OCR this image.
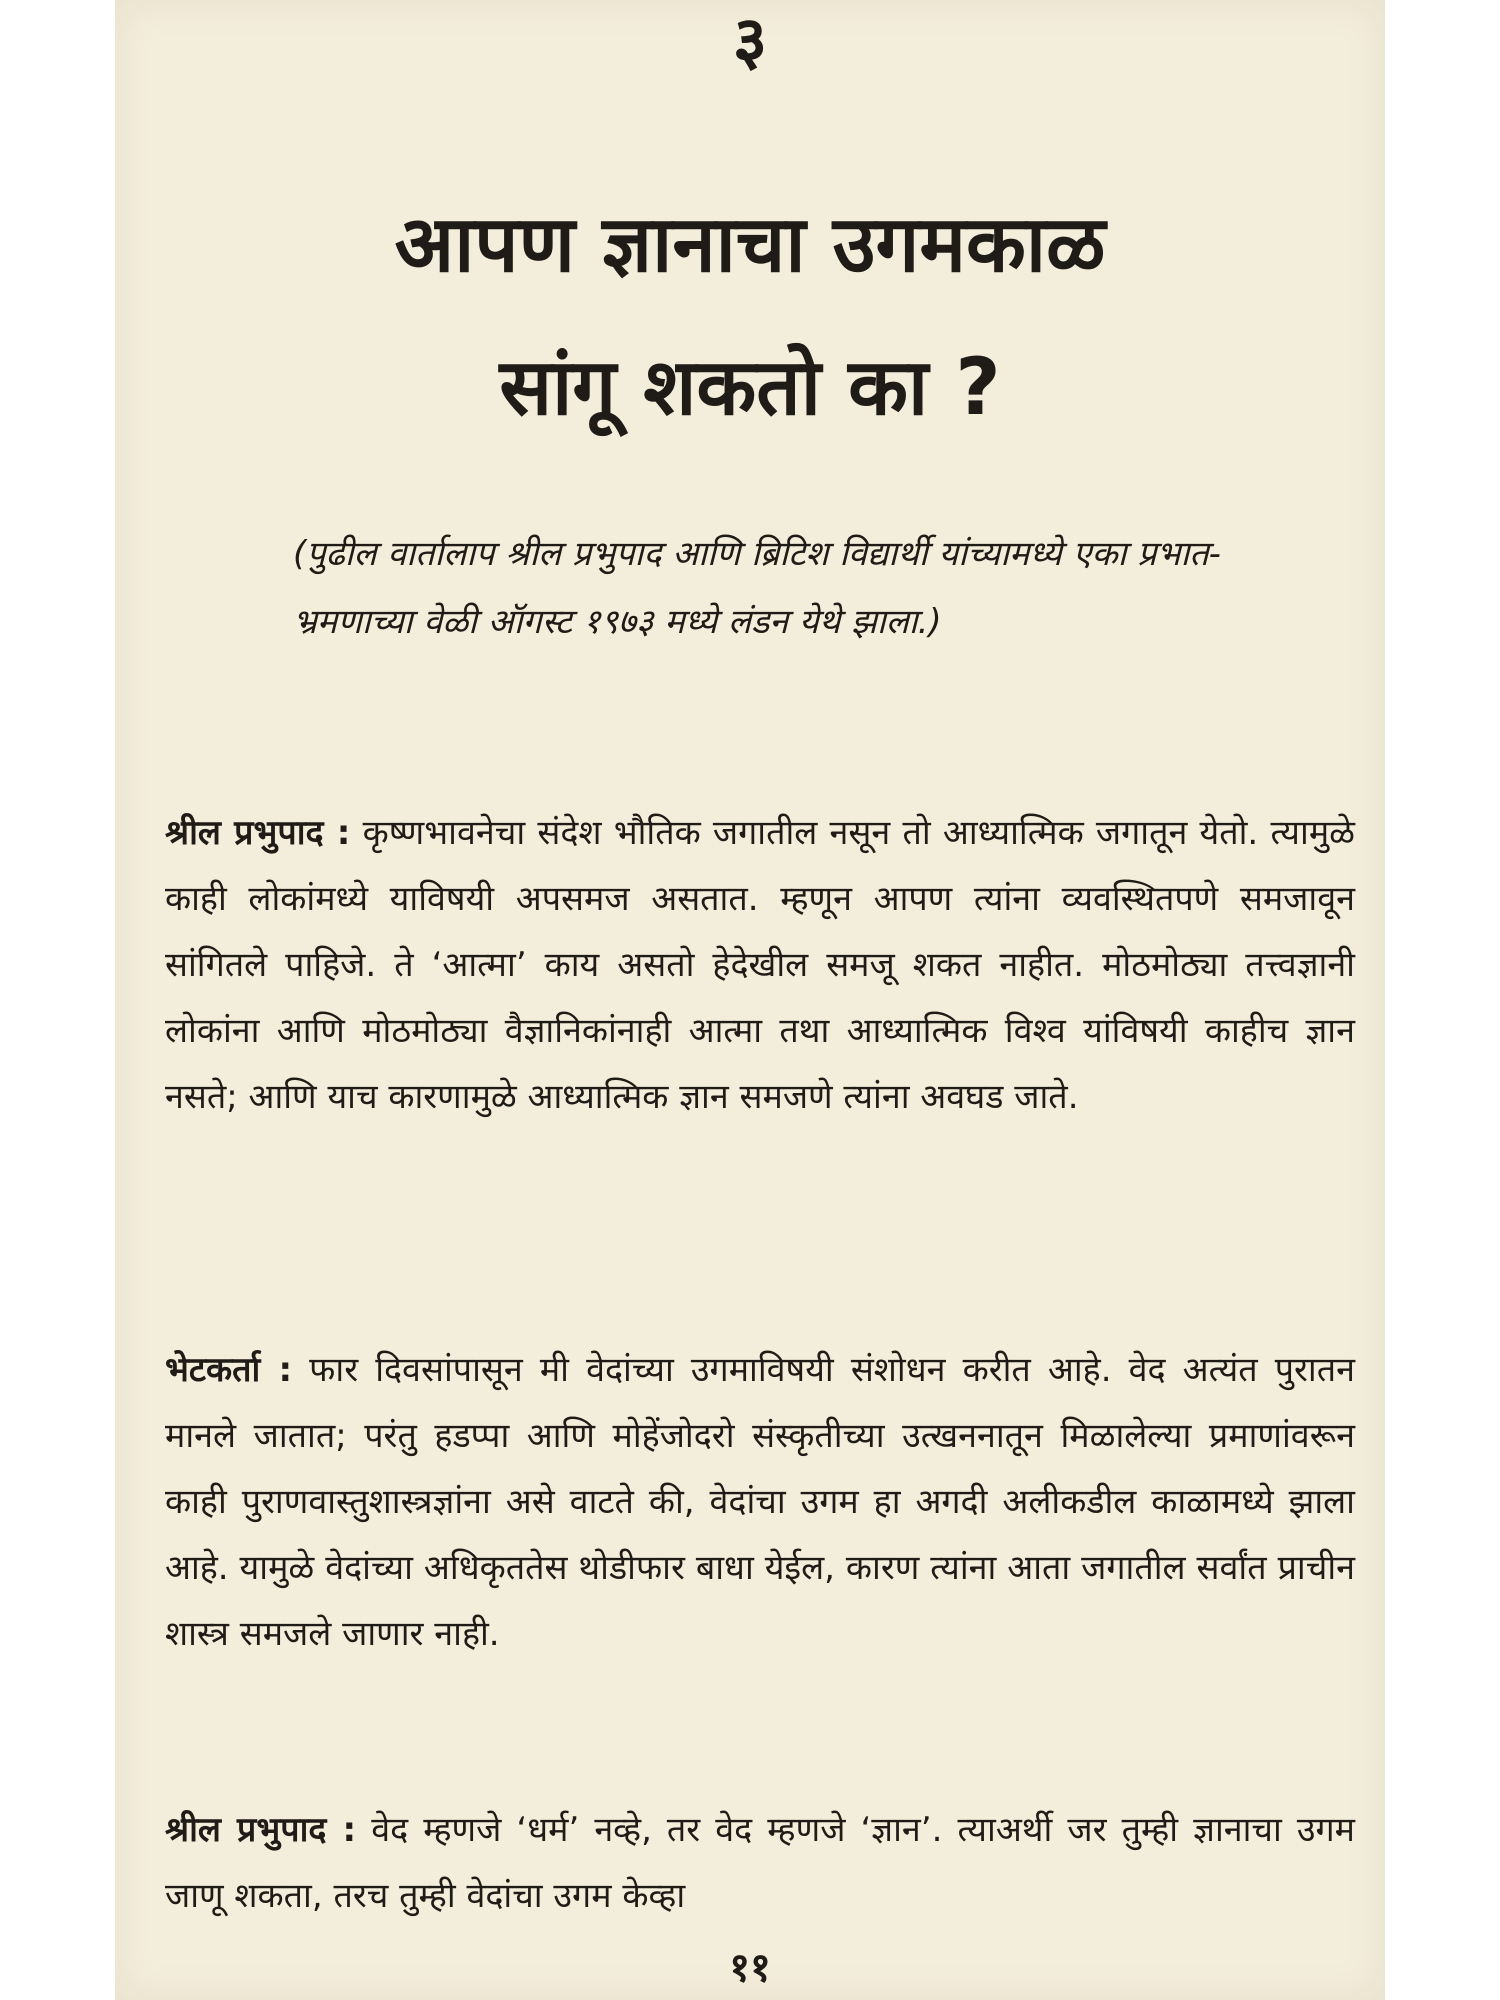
३
आपण ज्ञानाचा उगमकाळ
सांगू शकतो का ?

(पुढील वार्तालाप श्रील प्रभुपाद आणि ब्रिटिश विद्यार्थी यांच्यामध्ये एका प्रभात-भ्रमणाच्या वेळी ऑगस्ट १९७३ मध्ये लंडन येथे झाला.)

श्रील प्रभुपाद : कृष्णभावनेचा संदेश भौतिक जगातील नसून तो आध्यात्मिक जगातून येतो. त्यामुळे काही लोकांमध्ये याविषयी अपसमज असतात. म्हणून आपण त्यांना व्यवस्थितपणे समजावून सांगितले पाहिजे. ते ‘आत्मा’ काय असतो हेदेखील समजू शकत नाहीत. मोठमोठ्या तत्त्वज्ञानी लोकांना आणि मोठमोठ्या वैज्ञानिकांनाही आत्मा तथा आध्यात्मिक विश्व यांविषयी काहीच ज्ञान नसते; आणि याच कारणामुळे आध्यात्मिक ज्ञान समजणे त्यांना अवघड जाते.

भेटकर्ता : फार दिवसांपासून मी वेदांच्या उगमाविषयी संशोधन करीत आहे. वेद अत्यंत पुरातन मानले जातात; परंतु हडप्पा आणि मोहेंजोदरो संस्कृतीच्या उत्खननातून मिळालेल्या प्रमाणांवरून काही पुराणवास्तुशास्त्रज्ञांना असे वाटते की, वेदांचा उगम हा अगदी अलीकडील काळामध्ये झाला आहे. यामुळे वेदांच्या अधिकृततेस थोडीफार बाधा येईल, कारण त्यांना आता जगातील सर्वांत प्राचीन शास्त्र समजले जाणार नाही.

श्रील प्रभुपाद : वेद म्हणजे ‘धर्म’ नव्हे, तर वेद म्हणजे ‘ज्ञान’. त्याअर्थी जर तुम्ही ज्ञानाचा उगम जाणू शकता, तरच तुम्ही वेदांचा उगम केव्हा

११
